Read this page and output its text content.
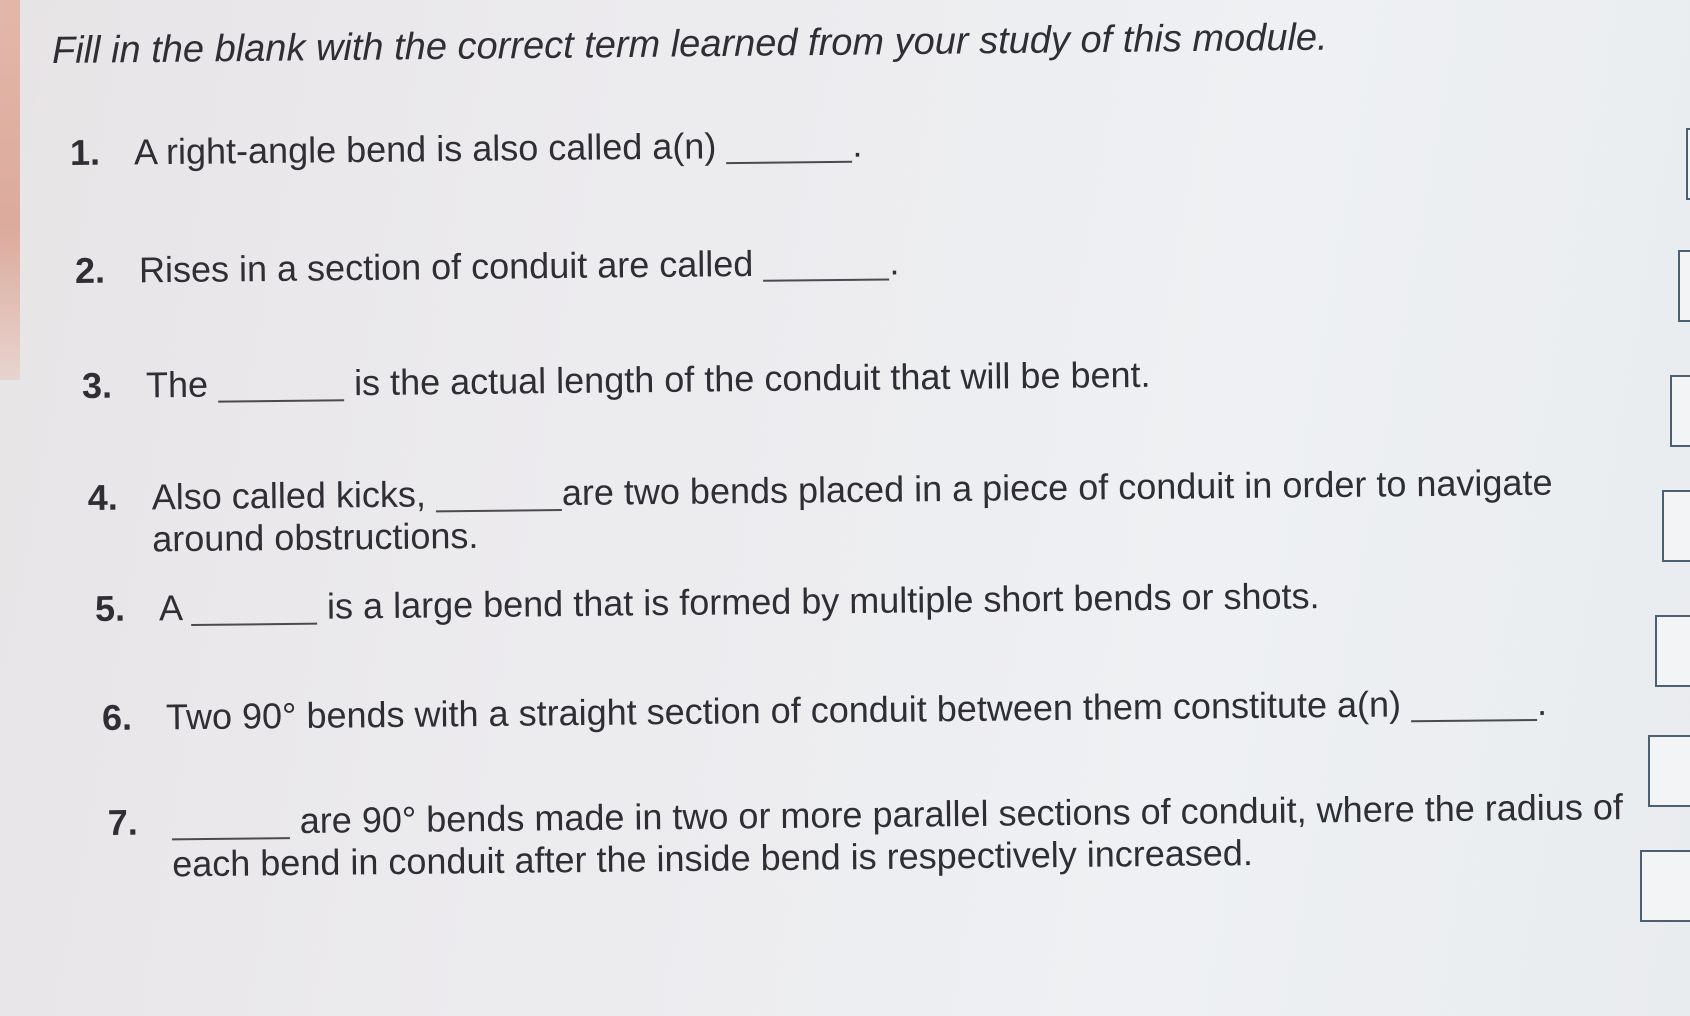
Fill in the blank with the correct term learned from your study of this module.
1. A right-angle bend is also called a(n)	.
2. Rises in a section of conduit are called	.
3. The	is the actual length of the conduit that will be bent.
4. Also called kicks,	are two bends placed in a piece of conduit in order to navigate
around obstructions.
5. A	is a large bend that is formed by multiple short bends or shots.
6. Two 90° bends with a straight section of conduit between them constitute a(n)	.
7.	are 90° bends made in two or more parallel sections of conduit, where the radius of
each bend in conduit after the inside bend is respectively increased.
